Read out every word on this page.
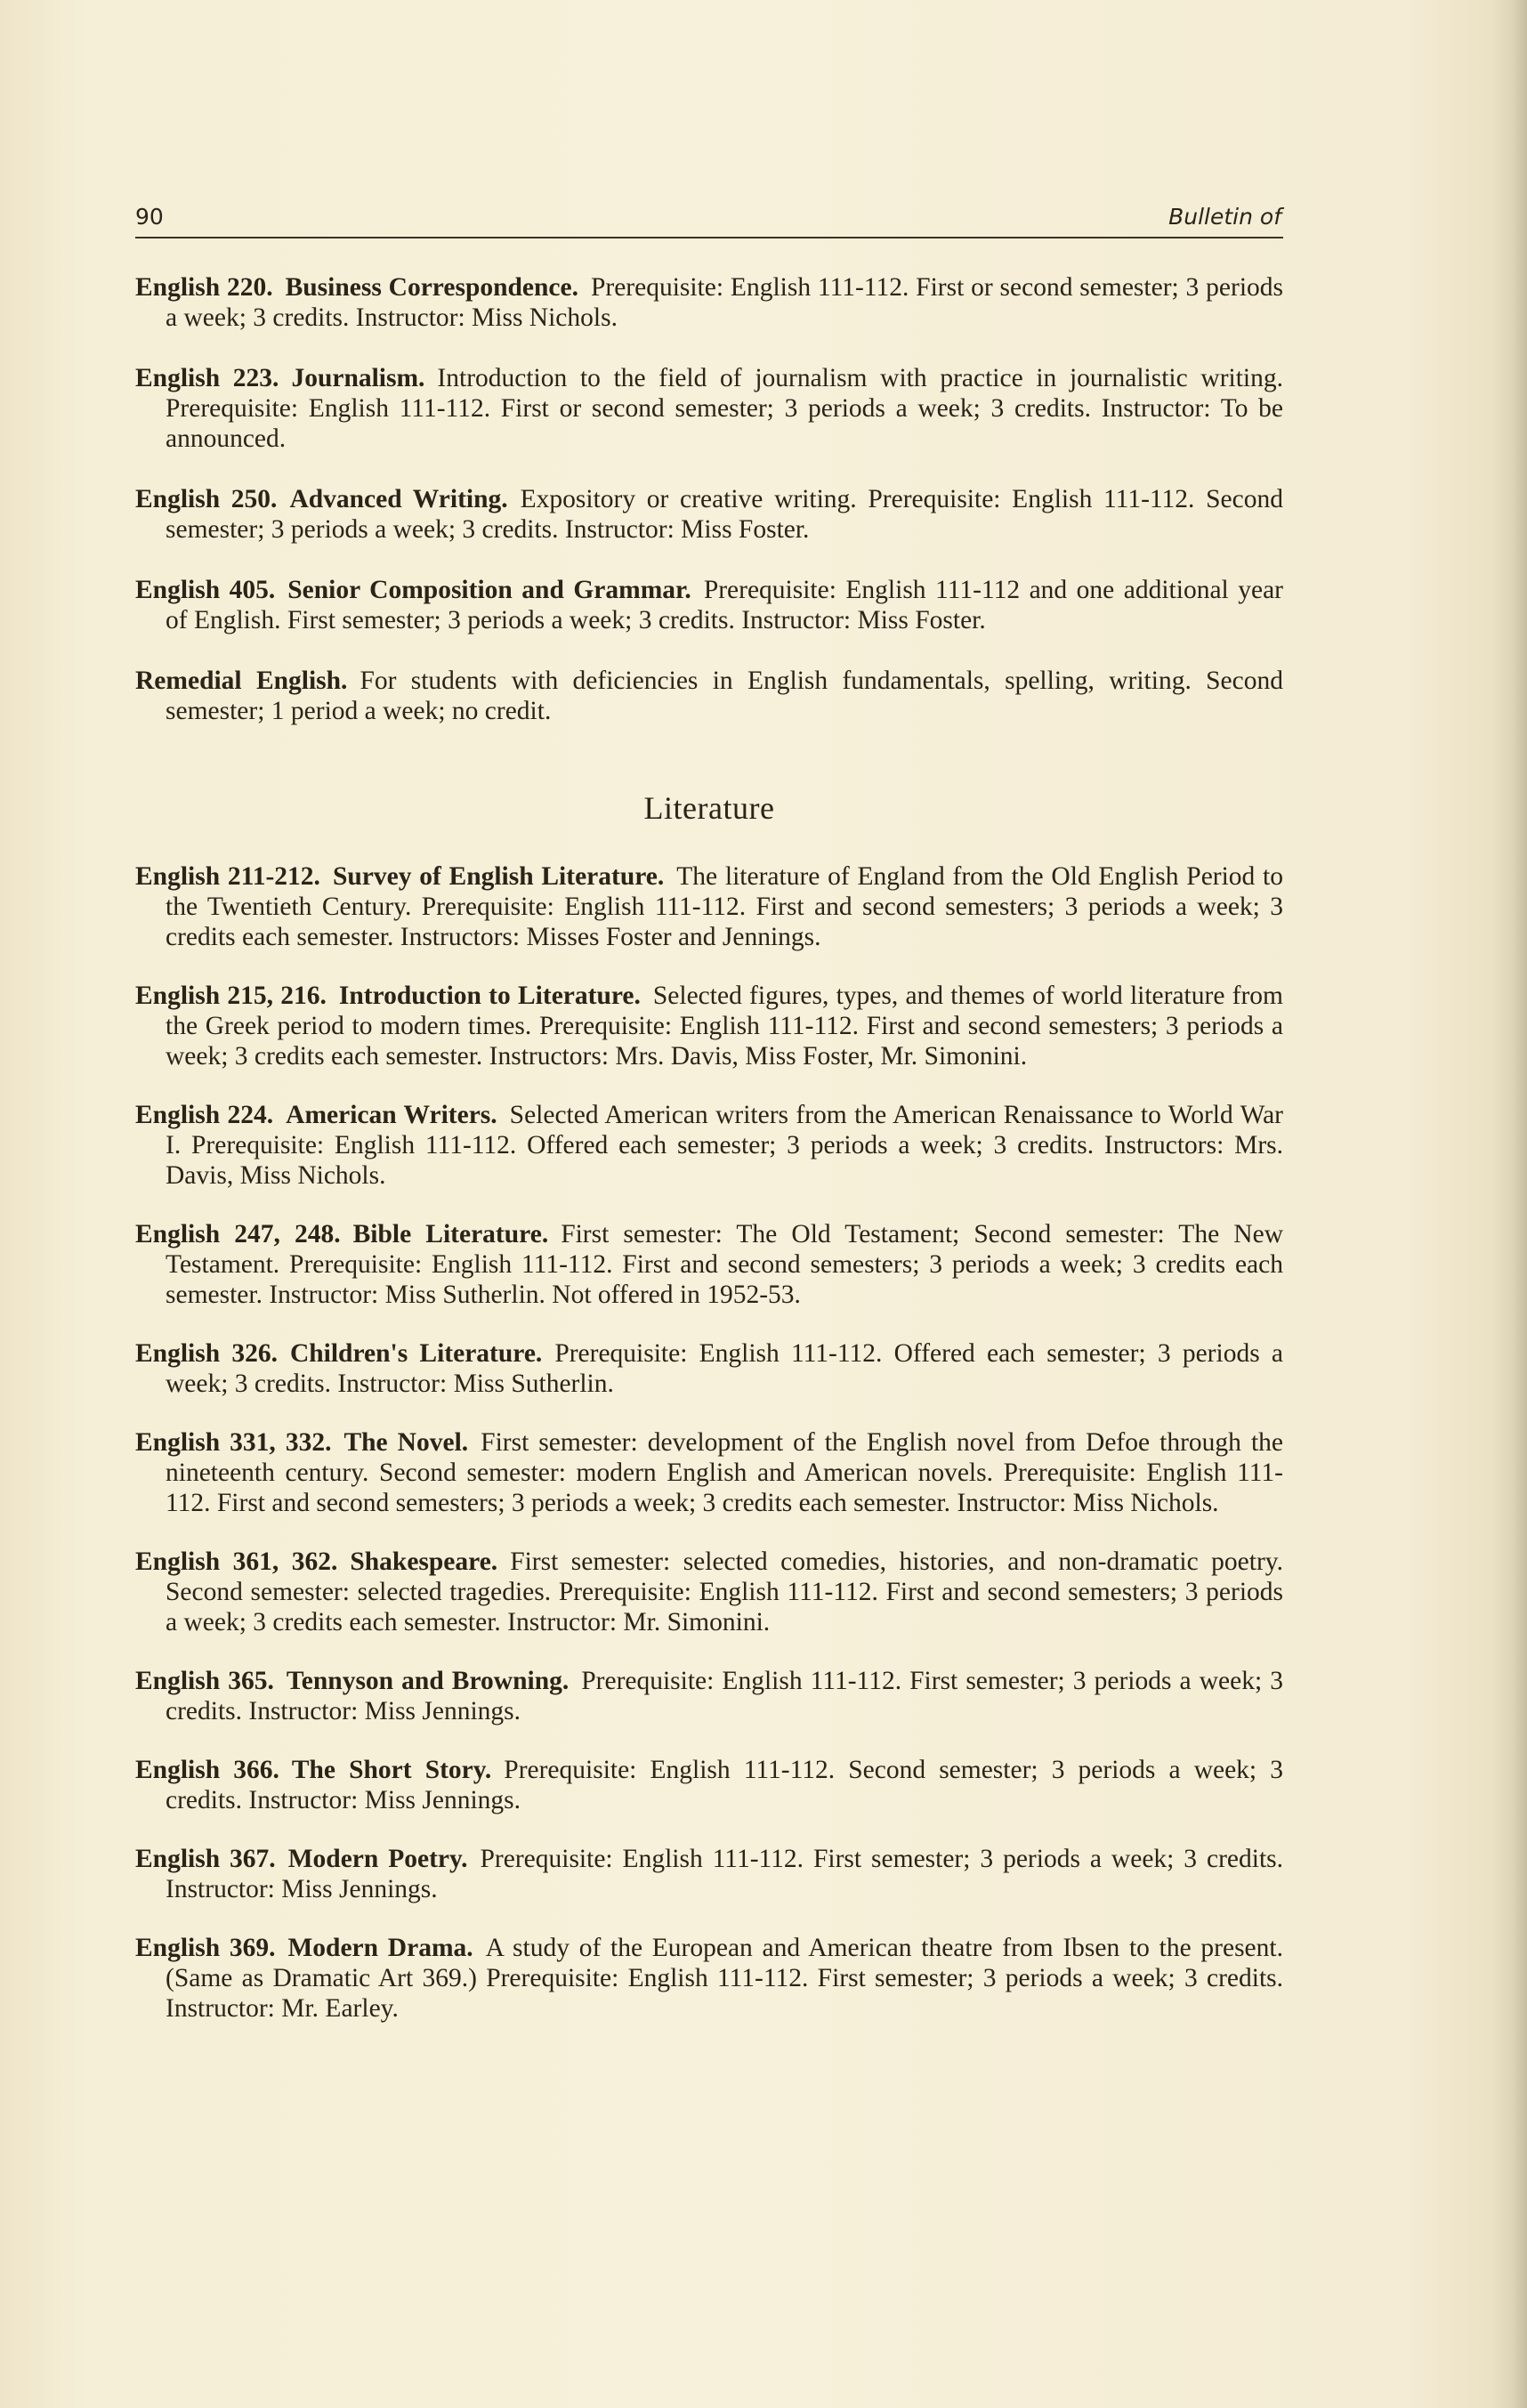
90	Bulletin of

English 220. Business Correspondence. Prerequisite: English 111-112. First or second semester; 3 periods a week; 3 credits. Instructor: Miss Nichols.

English 223. Journalism. Introduction to the field of journalism with practice in journalistic writing. Prerequisite: English 111-112. First or second semester; 3 periods a week; 3 credits. Instructor: To be announced.

English 250. Advanced Writing. Expository or creative writing. Prerequisite: English 111-112. Second semester; 3 periods a week; 3 credits. Instructor: Miss Foster.

English 405. Senior Composition and Grammar. Prerequisite: English 111-112 and one additional year of English. First semester; 3 periods a week; 3 credits. Instructor: Miss Foster.

Remedial English. For students with deficiencies in English fundamentals, spelling, writing. Second semester; 1 period a week; no credit.

Literature

English 211-212. Survey of English Literature. The literature of England from the Old English Period to the Twentieth Century. Prerequisite: English 111-112. First and second semesters; 3 periods a week; 3 credits each semester. Instructors: Misses Foster and Jennings.

English 215, 216. Introduction to Literature. Selected figures, types, and themes of world literature from the Greek period to modern times. Prerequisite: English 111-112. First and second semesters; 3 periods a week; 3 credits each semester. Instructors: Mrs. Davis, Miss Foster, Mr. Simonini.

English 224. American Writers. Selected American writers from the American Renaissance to World War I. Prerequisite: English 111-112. Offered each semester; 3 periods a week; 3 credits. Instructors: Mrs. Davis, Miss Nichols.

English 247, 248. Bible Literature. First semester: The Old Testament; Second semester: The New Testament. Prerequisite: English 111-112. First and second semesters; 3 periods a week; 3 credits each semester. Instructor: Miss Sutherlin. Not offered in 1952-53.

English 326. Children's Literature. Prerequisite: English 111-112. Offered each semester; 3 periods a week; 3 credits. Instructor: Miss Sutherlin.

English 331, 332. The Novel. First semester: development of the English novel from Defoe through the nineteenth century. Second semester: modern English and American novels. Prerequisite: English 111-112. First and second semesters; 3 periods a week; 3 credits each semester. Instructor: Miss Nichols.

English 361, 362. Shakespeare. First semester: selected comedies, histories, and non-dramatic poetry. Second semester: selected tragedies. Prerequisite: English 111-112. First and second semesters; 3 periods a week; 3 credits each semester. Instructor: Mr. Simonini.

English 365. Tennyson and Browning. Prerequisite: English 111-112. First semester; 3 periods a week; 3 credits. Instructor: Miss Jennings.

English 366. The Short Story. Prerequisite: English 111-112. Second semester; 3 periods a week; 3 credits. Instructor: Miss Jennings.

English 367. Modern Poetry. Prerequisite: English 111-112. First semester; 3 periods a week; 3 credits. Instructor: Miss Jennings.

English 369. Modern Drama. A study of the European and American theatre from Ibsen to the present. (Same as Dramatic Art 369.) Prerequisite: English 111-112. First semester; 3 periods a week; 3 credits. Instructor: Mr. Earley.
